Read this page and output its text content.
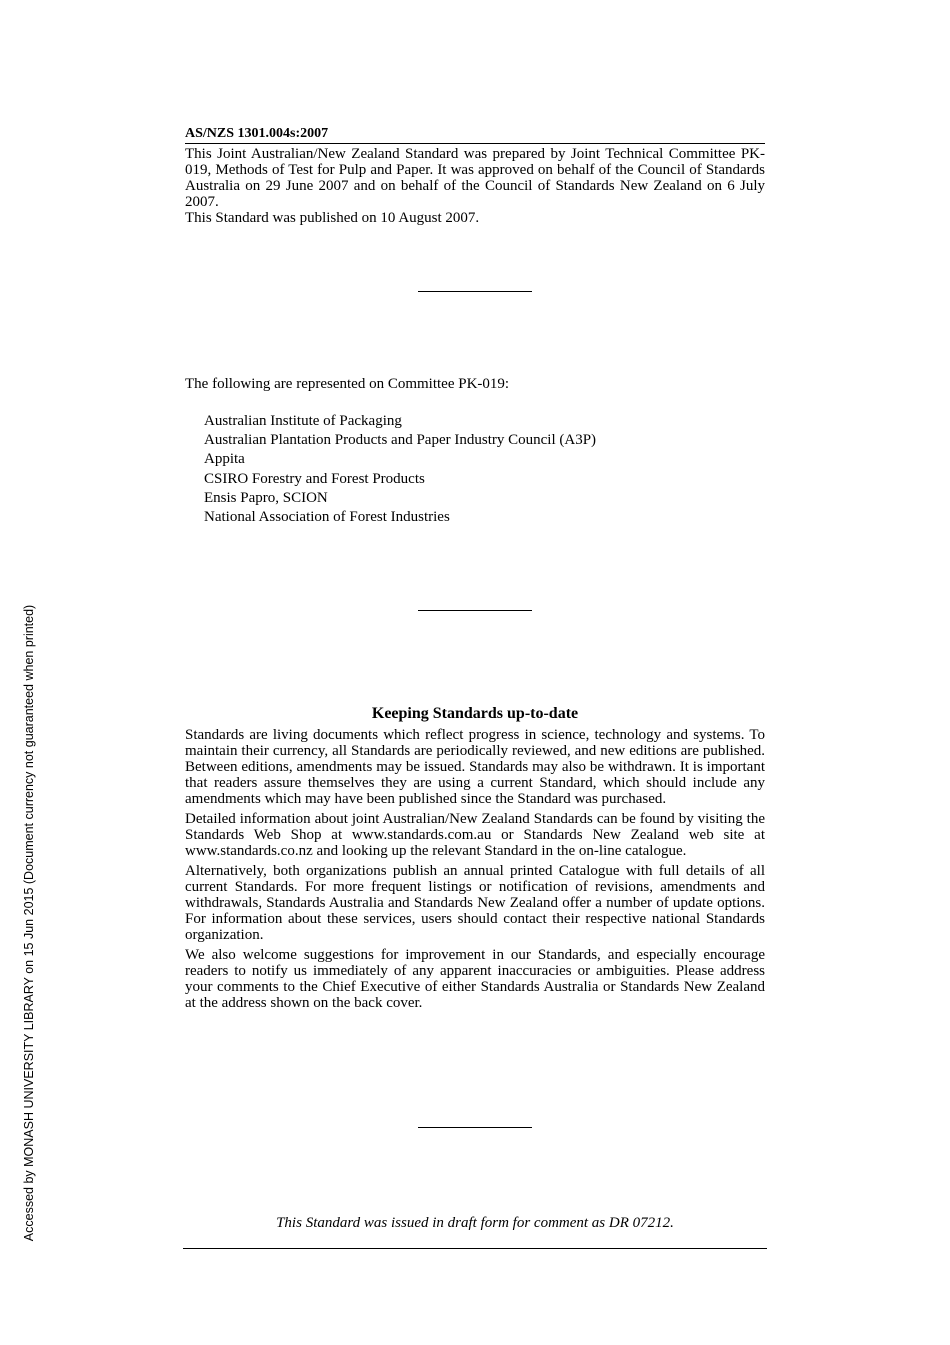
AS/NZS 1301.004s:2007

This Joint Australian/New Zealand Standard was prepared by Joint Technical Committee PK-019, Methods of Test for Pulp and Paper. It was approved on behalf of the Council of Standards Australia on 29 June 2007 and on behalf of the Council of Standards New Zealand on 6 July 2007.

This Standard was published on 10 August 2007.

The following are represented on Committee PK-019:
Australian Institute of Packaging
Australian Plantation Products and Paper Industry Council (A3P)
Appita
CSIRO Forestry and Forest Products
Ensis Papro, SCION
National Association of Forest Industries
Keeping Standards up-to-date

Standards are living documents which reflect progress in science, technology and systems. To maintain their currency, all Standards are periodically reviewed, and new editions are published. Between editions, amendments may be issued. Standards may also be withdrawn. It is important that readers assure themselves they are using a current Standard, which should include any amendments which may have been published since the Standard was purchased.

Detailed information about joint Australian/New Zealand Standards can be found by visiting the Standards Web Shop at www.standards.com.au or Standards New Zealand web site at www.standards.co.nz and looking up the relevant Standard in the on-line catalogue.

Alternatively, both organizations publish an annual printed Catalogue with full details of all current Standards. For more frequent listings or notification of revisions, amendments and withdrawals, Standards Australia and Standards New Zealand offer a number of update options. For information about these services, users should contact their respective national Standards organization.

We also welcome suggestions for improvement in our Standards, and especially encourage readers to notify us immediately of any apparent inaccuracies or ambiguities. Please address your comments to the Chief Executive of either Standards Australia or Standards New Zealand at the address shown on the back cover.

This Standard was issued in draft form for comment as DR 07212.
Accessed by MONASH UNIVERSITY LIBRARY on 15 Jun 2015 (Document currency not guaranteed when printed)
